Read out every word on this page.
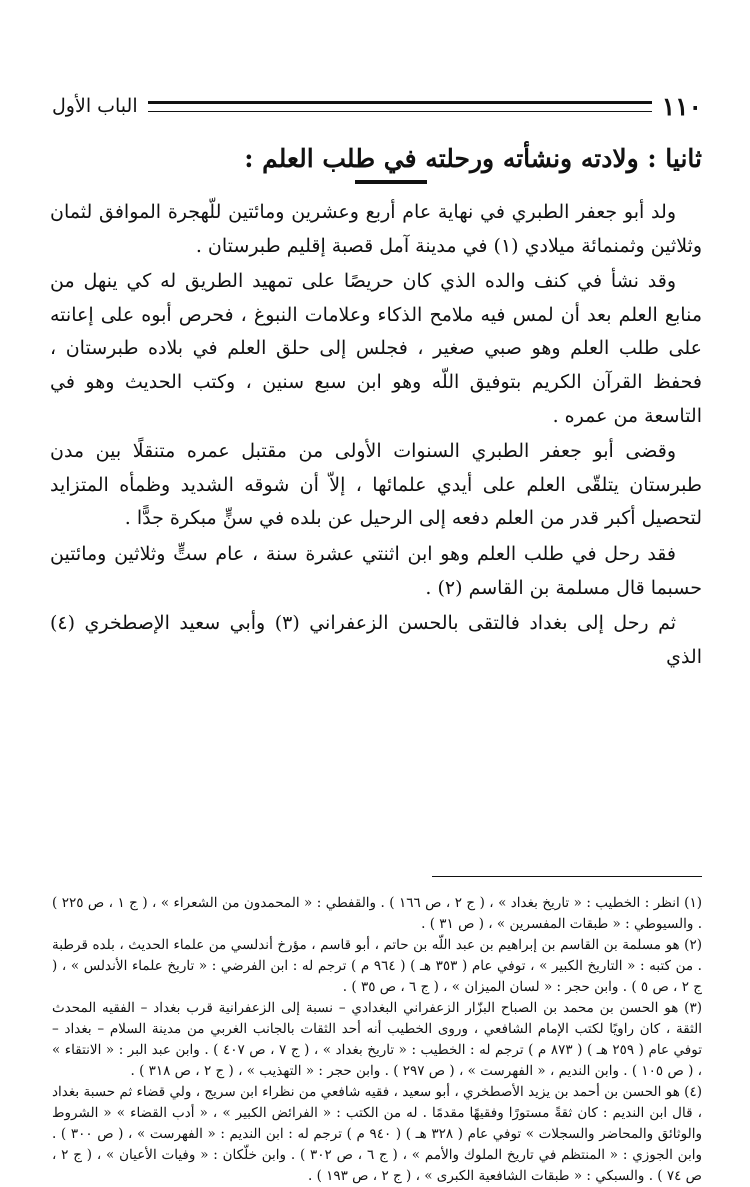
١١٠
الباب الأول
ثانيا : ولادته ونشأته ورحلته في طلب العلم :

ولد أبو جعفر الطبري في نهاية عام أربع وعشرين ومائتين للّهجرة الموافق لثمان وثلاثين وثمنمائة ميلادي (١) في مدينة آمل قصبة إقليم طبرستان .

وقد نشأ في كنف والده الذي كان حريصًا على تمهيد الطريق له كي ينهل من منابع العلم بعد أن لمس فيه ملامح الذكاء وعلامات النبوغ ، فحرص أبوه على إعانته على طلب العلم وهو صبي صغير ، فجلس إلى حلق العلم في بلاده طبرستان ، فحفظ القرآن الكريم بتوفيق اللّه وهو ابن سبع سنين ، وكتب الحديث وهو في التاسعة من عمره .

وقضى أبو جعفر الطبري السنوات الأولى من مقتبل عمره متنقلًا بين مدن طبرستان يتلقّى العلم على أيدي علمائها ، إلاّ أن شوقه الشديد وظمأه المتزايد لتحصيل أكبر قدر من العلم دفعه إلى الرحيل عن بلده في سنٍّ مبكرة جدًّا .

فقد رحل في طلب العلم وهو ابن اثنتي عشرة سنة ، عام ستٍّ وثلاثين ومائتين حسبما قال مسلمة بن القاسم (٢) .

ثم رحل إلى بغداد فالتقى بالحسن الزعفراني (٣) وأبي سعيد الإصطخري (٤) الذي

(١) انظر : الخطيب : « تاريخ بغداد » ، ( ج ٢ ، ص ١٦٦ ) . والقفطي : « المحمدون من الشعراء » ، ( ج ١ ، ص ٢٢٥ ) . والسيوطي : « طبقات المفسرين » ، ( ص ٣١ ) .

(٢) هو مسلمة بن القاسم بن إبراهيم بن عبد اللّه بن حاتم ، أبو قاسم ، مؤرخ أندلسي من علماء الحديث ، بلده قرطبة . من كتبه : « التاريخ الكبير » ، توفي عام ( ٣٥٣ هـ ) ( ٩٦٤ م ) ترجم له : ابن الفرضي : « تاريخ علماء الأندلس » ، ( ج ٢ ، ص ٥ ) . وابن حجر : « لسان الميزان » ، ( ج ٦ ، ص ٣٥ ) .

(٣) هو الحسن بن محمد بن الصباح البزّار الزعفراني البغدادي – نسبة إلى الزعفرانية قرب بغداد – الفقيه المحدث الثقة ، كان راويًا لكتب الإمام الشافعي ، وروى الخطيب أنه أحد الثقات بالجانب الغربي من مدينة السلام – بغداد – توفي عام ( ٢٥٩ هـ ) ( ٨٧٣ م ) ترجم له : الخطيب : « تاريخ بغداد » ، ( ج ٧ ، ص ٤٠٧ ) . وابن عبد البر : « الانتقاء » ، ( ص ١٠٥ ) . وابن النديم ، « الفهرست » ، ( ص ٢٩٧ ) . وابن حجر : « التهذيب » ، ( ج ٢ ، ص ٣١٨ ) .

(٤) هو الحسن بن أحمد بن يزيد الأصطخري ، أبو سعيد ، فقيه شافعي من نظراء ابن سريج ، ولي قضاء ثم حسبة بغداد ، قال ابن النديم : كان ثقةً مستورًا وفقيهًا مقدمًا . له من الكتب : « الفرائض الكبير » ، « أدب القضاء » « الشروط والوثائق والمحاضر والسجلات » توفي عام ( ٣٢٨ هـ ) ( ٩٤٠ م ) ترجم له : ابن النديم : « الفهرست » ، ( ص ٣٠٠ ) . وابن الجوزي : « المنتظم في تاريخ الملوك والأمم » ، ( ج ٦ ، ص ٣٠٢ ) . وابن خلّكان : « وفيات الأعيان » ، ( ج ٢ ، ص ٧٤ ) . والسبكي : « طبقات الشافعية الكبرى » ، ( ج ٢ ، ص ١٩٣ ) .
